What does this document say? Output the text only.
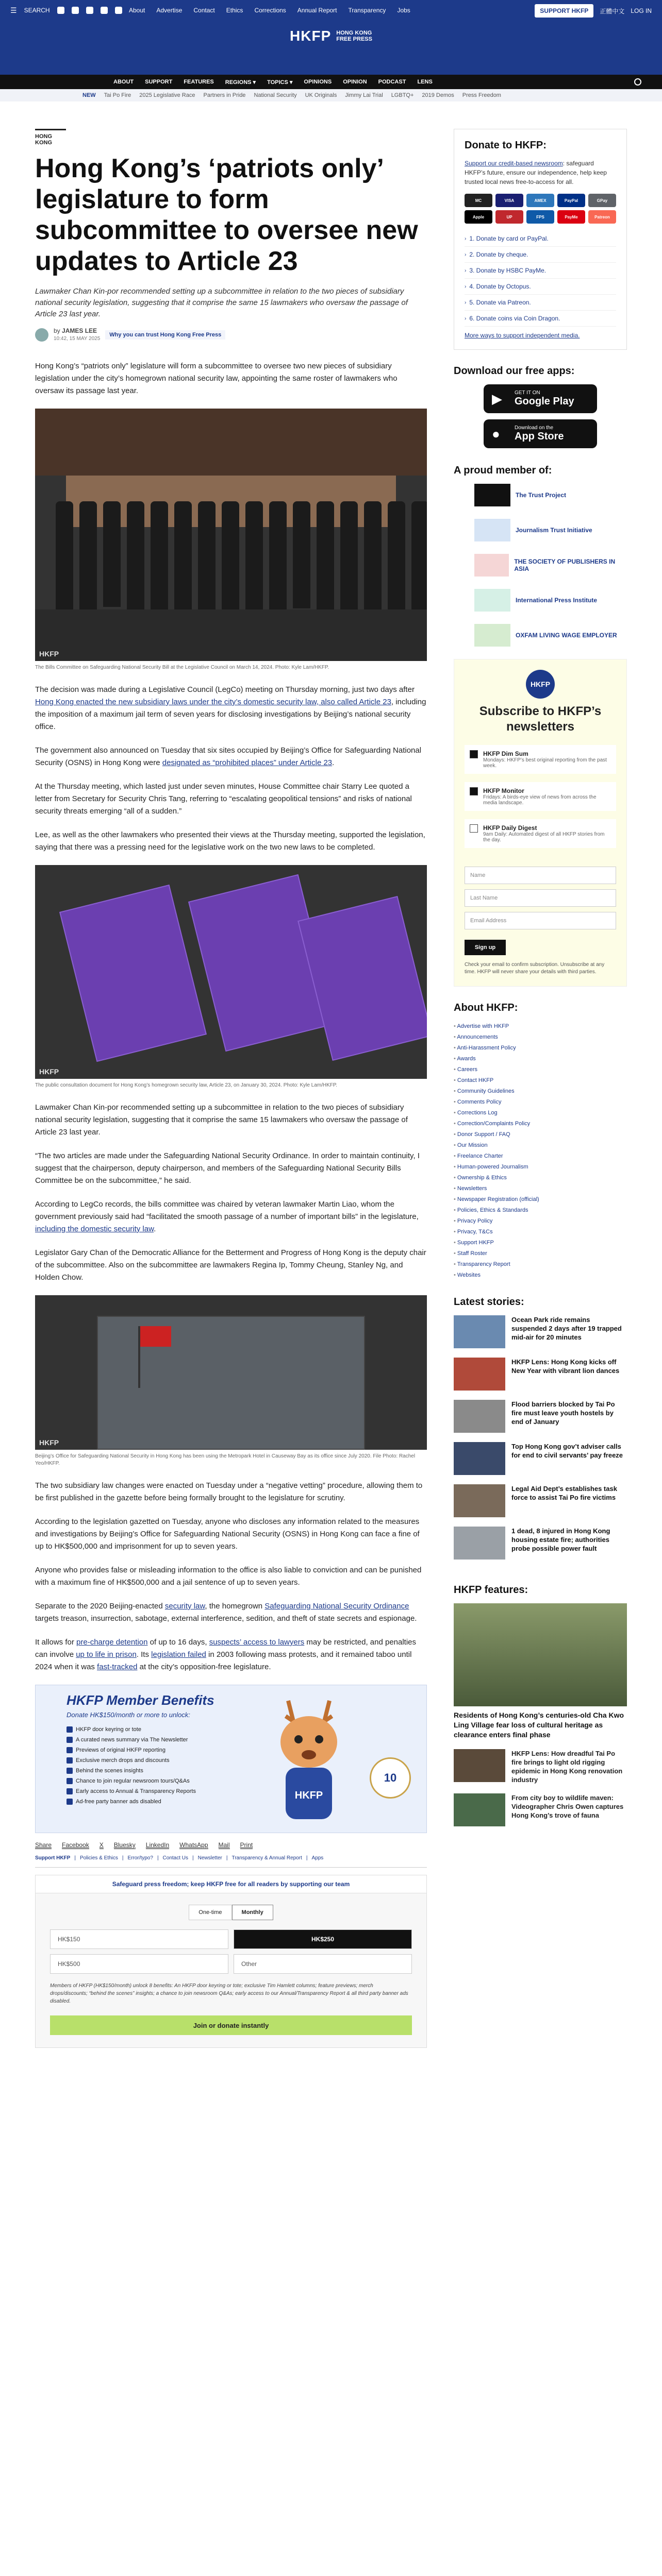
☰ SEARCH	About Advertise Contact Ethics Corrections Annual Report Transparency Jobs	SUPPORT HKFP	正體中文 LOG IN
HKFP HONG KONG
FREE PRESS
ABOUT SUPPORT FEATURES REGIONS ▾ TOPICS ▾ OPINIONS OPINION PODCAST LENS
NEW Tai Po Fire 2025 Legislative Race Partners in Pride National Security UK Originals Jimmy Lai Trial LGBTQ+ 2019 Demos Press Freedom
HONG KONG
Hong Kong’s ‘patriots only’ legislature to form subcommittee to oversee new updates to Article 23
Lawmaker Chan Kin-por recommended setting up a subcommittee in relation to the two pieces of subsidiary national security legislation, suggesting that it comprise the same 15 lawmakers who oversaw the passage of Article 23 last year.
by JAMES LEE
10:42, 15 MAY 2025
Why you can trust Hong Kong Free Press

Hong Kong’s “patriots only” legislature will form a subcommittee to oversee two new pieces of subsidiary legislation under the city’s homegrown national security law, appointing the same roster of lawmakers who oversaw its passage last year.

HKFP
The Bills Committee on Safeguarding National Security Bill at the Legislative Council on March 14, 2024. Photo: Kyle Lam/HKFP.

The decision was made during a Legislative Council (LegCo) meeting on Thursday morning, just two days after Hong Kong enacted the new subsidiary laws under the city’s domestic security law, also called Article 23, including the imposition of a maximum jail term of seven years for disclosing investigations by Beijing’s national security office.

The government also announced on Tuesday that six sites occupied by Beijing’s Office for Safeguarding National Security (OSNS) in Hong Kong were designated as “prohibited places” under Article 23.

At the Thursday meeting, which lasted just under seven minutes, House Committee chair Starry Lee quoted a letter from Secretary for Security Chris Tang, referring to “escalating geopolitical tensions” and risks of national security threats emerging “all of a sudden.”

Lee, as well as the other lawmakers who presented their views at the Thursday meeting, supported the legislation, saying that there was a pressing need for the legislative work on the two new laws to be completed.

HKFP
The public consultation document for Hong Kong’s homegrown security law, Article 23, on January 30, 2024. Photo: Kyle Lam/HKFP.

Lawmaker Chan Kin-por recommended setting up a subcommittee in relation to the two pieces of subsidiary national security legislation, suggesting that it comprise the same 15 lawmakers who oversaw the passage of Article 23 last year.

“The two articles are made under the Safeguarding National Security Ordinance. In order to maintain continuity, I suggest that the chairperson, deputy chairperson, and members of the Safeguarding National Security Bills Committee be on the subcommittee,” he said.

According to LegCo records, the bills committee was chaired by veteran lawmaker Martin Liao, whom the government previously said had “facilitated the smooth passage of a number of important bills” in the legislature, including the domestic security law.

Legislator Gary Chan of the Democratic Alliance for the Betterment and Progress of Hong Kong is the deputy chair of the subcommittee. Also on the subcommittee are lawmakers Regina Ip, Tommy Cheung, Stanley Ng, and Holden Chow.

HKFP
Beijing’s Office for Safeguarding National Security in Hong Kong has been using the Metropark Hotel in Causeway Bay as its office since July 2020. File Photo: Rachel Yeo/HKFP.

The two subsidiary law changes were enacted on Tuesday under a “negative vetting” procedure, allowing them to be first published in the gazette before being formally brought to the legislature for scrutiny.

According to the legislation gazetted on Tuesday, anyone who discloses any information related to the measures and investigations by Beijing’s Office for Safeguarding National Security (OSNS) in Hong Kong can face a fine of up to HK$500,000 and imprisonment for up to seven years.

Anyone who provides false or misleading information to the office is also liable to conviction and can be punished with a maximum fine of HK$500,000 and a jail sentence of up to seven years.

Separate to the 2020 Beijing-enacted security law, the homegrown Safeguarding National Security Ordinance targets treason, insurrection, sabotage, external interference, sedition, and theft of state secrets and espionage.

It allows for pre-charge detention of up to 16 days, suspects’ access to lawyers may be restricted, and penalties can involve up to life in prison. Its legislation failed in 2003 following mass protests, and it remained taboo until 2024 when it was fast-tracked at the city’s opposition-free legislature.

HKFP Member Benefits
Donate HK$150/month or more to unlock:
HKFP door keyring or tote
A curated news summary via The Newsletter
Previews of original HKFP reporting
Exclusive merch drops and discounts
Behind the scenes insights
Chance to join regular newsroom tours/Q&As
Early access to Annual & Transparency Reports
Ad-free party banner ads disabled
HKFP
10
Share Facebook X Bluesky LinkedIn WhatsApp Mail Print
Support HKFP | Policies & Ethics | Error/typo? | Contact Us | Newsletter | Transparency & Annual Report | Apps
Safeguard press freedom; keep HKFP free for all readers by supporting our team
One-time	Monthly
HK$150	HK$250
HK$500	Other
Members of HKFP (HK$150/month) unlock 8 benefits: An HKFP door keyring or tote; exclusive Tim Hamlett columns; feature previews; merch drops/discounts; “behind the scenes” insights; a chance to join newsroom Q&As; early access to our Annual/Transparency Report & all third party banner ads disabled.
Join or donate instantly
Donate to HKFP:

Support our credit-based newsroom: safeguard HKFP’s future, ensure our independence, help keep trusted local news free-to-access for all.

MC	VISA	AMEX	PayPal	GPay
Apple	UP	FPS	PayMe	Patreon
› 1. Donate by card or PayPal.
› 2. Donate by cheque.
› 3. Donate by HSBC PayMe.
› 4. Donate by Octopus.
› 5. Donate via Patreon.
› 6. Donate coins via Coin Dragon.
More ways to support independent media.
Download our free apps:
▶ GET IT ON
Google Play
●	Download on the
App Store
A proud member of:
The Trust Project
Journalism Trust Initiative
THE SOCIETY OF PUBLISHERS IN ASIA
International Press Institute
OXFAM LIVING WAGE EMPLOYER
HKFP
Subscribe to HKFP’s newsletters
HKFP Dim Sum
Mondays: HKFP’s best original reporting from the past week.
HKFP Monitor
Fridays: A birds-eye view of news from across the media landscape.
HKFP Daily Digest
9am Daily: Automated digest of all HKFP stories from the day.
Name
Last Name
Email Address
Sign up
Check your email to confirm subscription. Unsubscribe at any time. HKFP will never share your details with third parties.
About HKFP:
• Advertise with HKFP
• Announcements
• Anti-Harassment Policy
• Awards
• Careers
• Contact HKFP
• Community Guidelines
• Comments Policy
• Corrections Log
• Correction/Complaints Policy
• Donor Support / FAQ
• Our Mission
• Freelance Charter
• Human-powered Journalism
• Ownership & Ethics
• Newsletters
• Newspaper Registration (official)
• Policies, Ethics & Standards
• Privacy Policy
• Privacy, T&Cs
• Support HKFP
• Staff Roster
• Transparency Report
• Websites
Latest stories:
Ocean Park ride remains suspended 2 days after 19 trapped mid-air for 20 minutes
HKFP Lens: Hong Kong kicks off New Year with vibrant lion dances
Flood barriers blocked by Tai Po fire must leave youth hostels by end of January
Top Hong Kong gov’t adviser calls for end to civil servants’ pay freeze
Legal Aid Dept’s establishes task force to assist Tai Po fire victims
1 dead, 8 injured in Hong Kong housing estate fire; authorities probe possible power fault
HKFP features:
Residents of Hong Kong’s centuries-old Cha Kwo Ling Village fear loss of cultural heritage as clearance enters final phase
HKFP Lens: How dreadful Tai Po fire brings to light old rigging epidemic in Hong Kong renovation industry
From city boy to wildlife maven: Videographer Chris Owen captures Hong Kong’s trove of fauna
